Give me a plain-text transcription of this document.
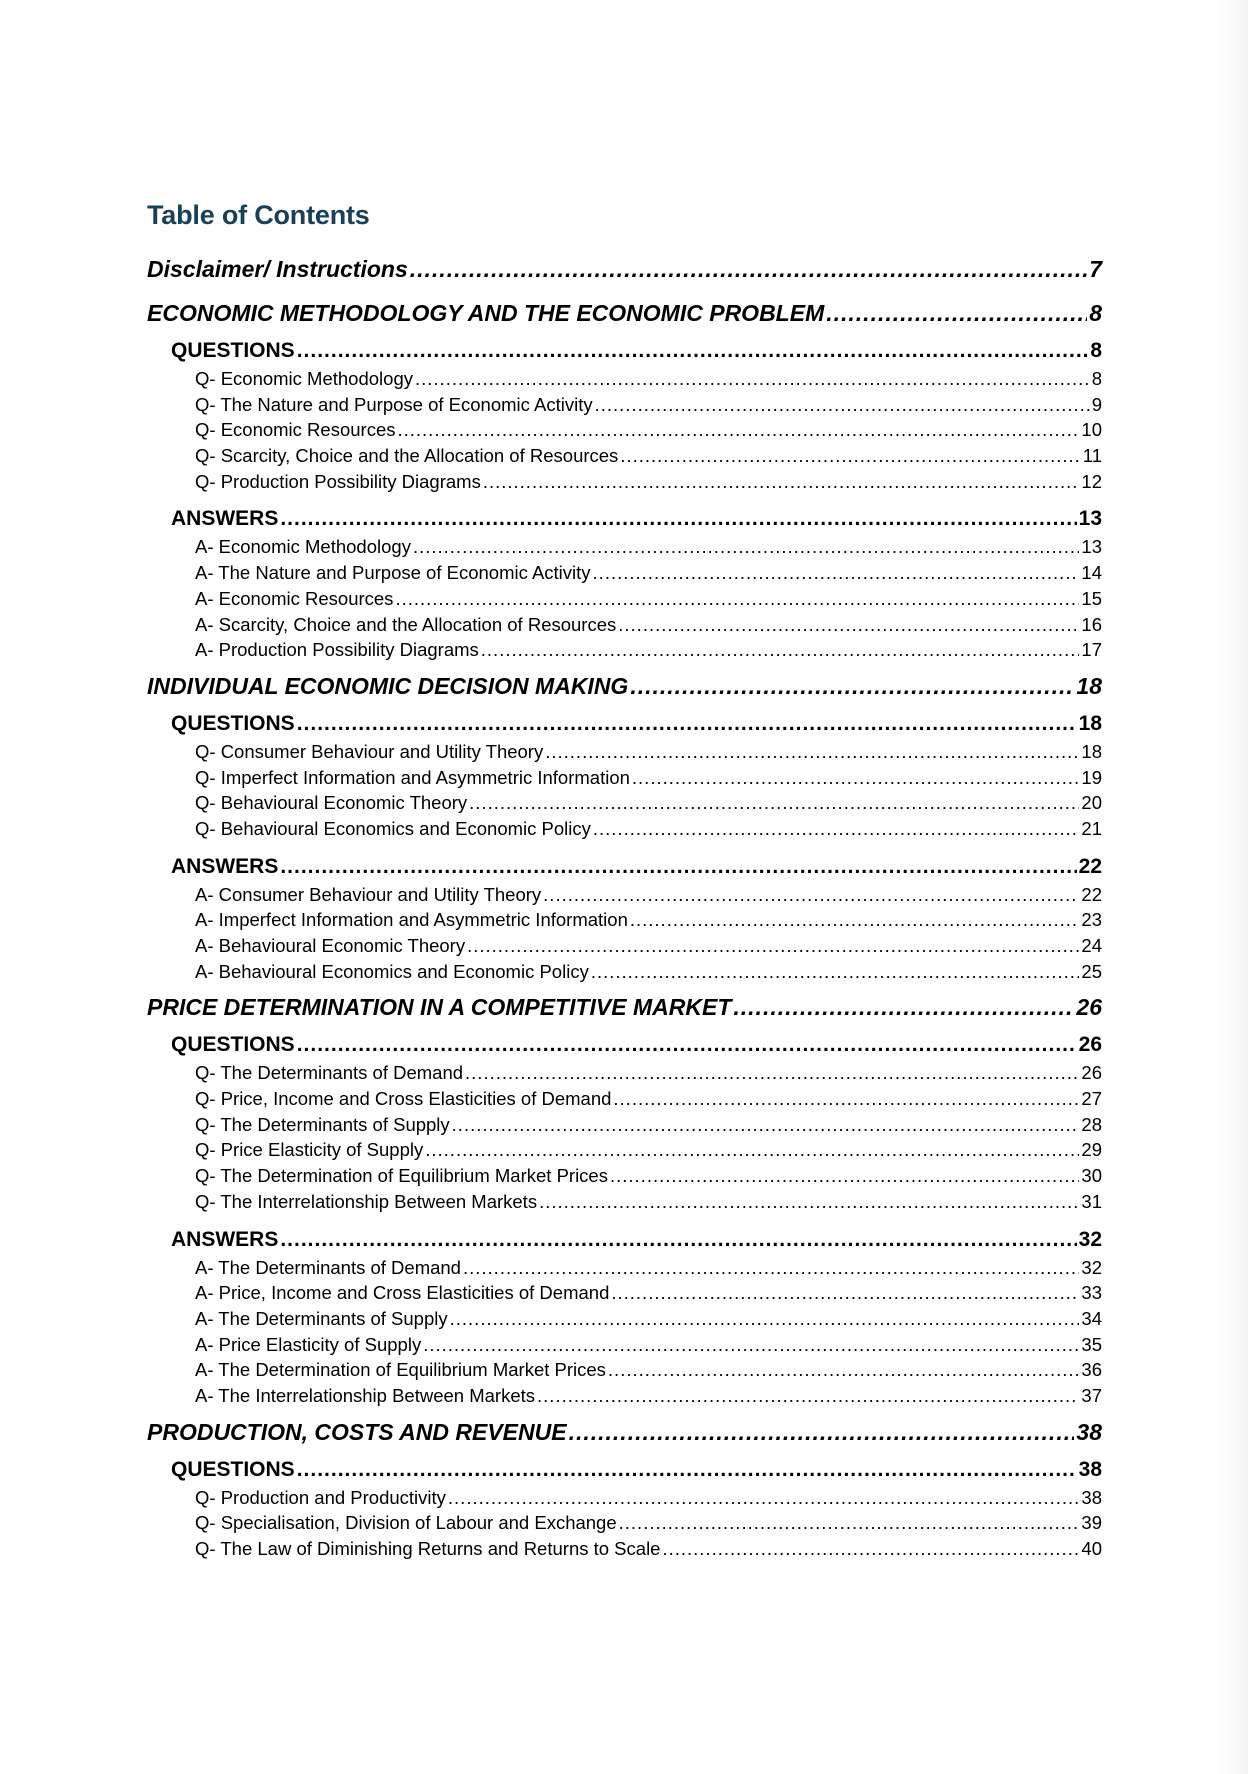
Table of Contents
Disclaimer/ Instructions .....	7
ECONOMIC METHODOLOGY AND THE ECONOMIC PROBLEM .....	8
QUESTIONS .....	8
Q- Economic Methodology .....	8
Q- The Nature and Purpose of Economic Activity .....	9
Q- Economic Resources .....	10
Q- Scarcity, Choice and the Allocation of Resources .....	11
Q- Production Possibility Diagrams .....	12
ANSWERS .....	13
A- Economic Methodology .....	13
A- The Nature and Purpose of Economic Activity .....	14
A- Economic Resources .....	15
A- Scarcity, Choice and the Allocation of Resources .....	16
A- Production Possibility Diagrams .....	17
INDIVIDUAL ECONOMIC DECISION MAKING .....	18
QUESTIONS .....	18
Q- Consumer Behaviour and Utility Theory .....	18
Q- Imperfect Information and Asymmetric Information .....	19
Q- Behavioural Economic Theory .....	20
Q- Behavioural Economics and Economic Policy .....	21
ANSWERS .....	22
A- Consumer Behaviour and Utility Theory .....	22
A- Imperfect Information and Asymmetric Information .....	23
A- Behavioural Economic Theory .....	24
A- Behavioural Economics and Economic Policy .....	25
PRICE DETERMINATION IN A COMPETITIVE MARKET .....	26
QUESTIONS .....	26
Q- The Determinants of Demand .....	26
Q- Price, Income and Cross Elasticities of Demand .....	27
Q- The Determinants of Supply .....	28
Q- Price Elasticity of Supply .....	29
Q- The Determination of Equilibrium Market Prices .....	30
Q- The Interrelationship Between Markets .....	31
ANSWERS .....	32
A- The Determinants of Demand .....	32
A- Price, Income and Cross Elasticities of Demand .....	33
A- The Determinants of Supply .....	34
A- Price Elasticity of Supply .....	35
A- The Determination of Equilibrium Market Prices .....	36
A- The Interrelationship Between Markets .....	37
PRODUCTION, COSTS AND REVENUE .....	38
QUESTIONS .....	38
Q- Production and Productivity .....	38
Q- Specialisation, Division of Labour and Exchange .....	39
Q- The Law of Diminishing Returns and Returns to Scale .....	40
